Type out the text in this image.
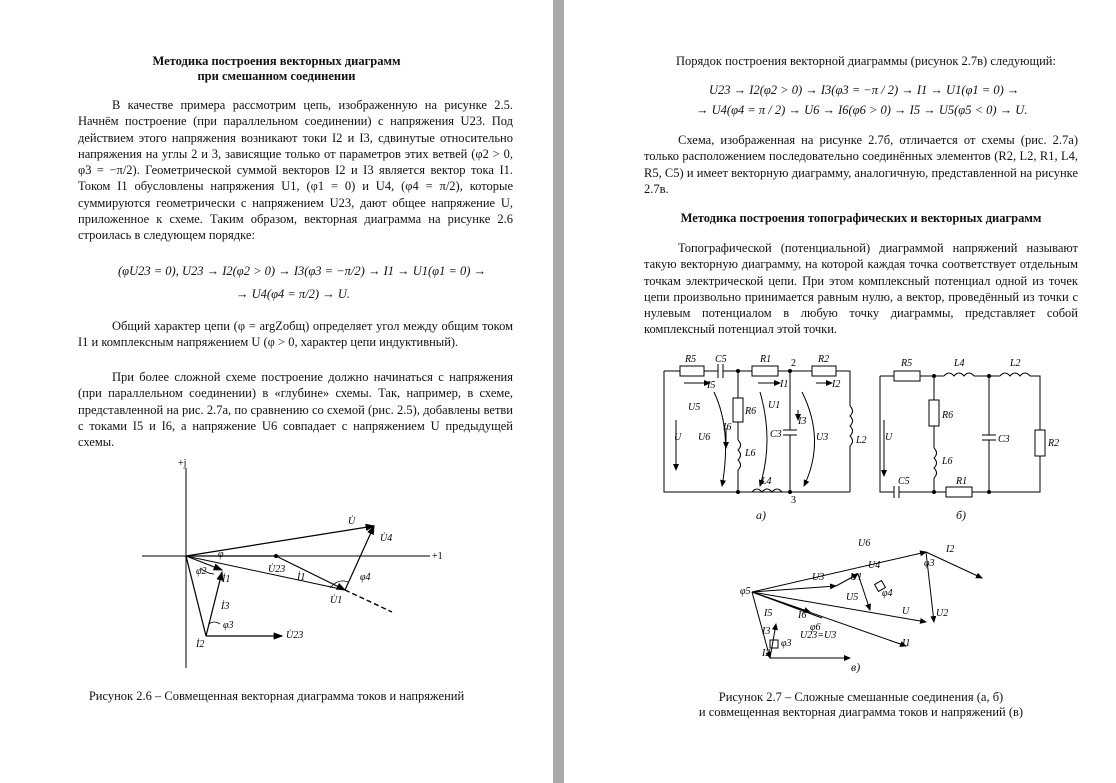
Методика построения векторных диаграмм
при смешанном соединении

В качестве примера рассмотрим цепь, изображенную на рисунке 2.5. Начнём построение (при параллельном соединении) с напряжения U23. Под действием этого напряжения возникают токи I2 и I3, сдвинутые относительно напряжения на углы 2 и 3, зависящие только от параметров этих ветвей (φ2 > 0, φ3 = −π/2). Геометрической суммой векторов I2 и I3 является вектор тока I1. Током I1 обусловлены напряжения U1, (φ1 = 0) и U4, (φ4 = π/2), которые суммируются геометрически с напряжением U23, дают общее напряжение U, приложенное к схеме. Таким образом, векторная диаграмма на рисунке 2.6 строилась в следующем порядке:

(φU23 = 0), U23 → I2(φ2 > 0) → I3(φ3 = −π/2) → I1 → U1(φ1 = 0) →
→ U4(φ4 = π/2) → U.

Общий характер цепи (φ = argZобщ) определяет угол между общим током I1 и комплексным напряжением U (φ > 0, характер цепи индуктивный).

При более сложной схеме построение должно начинаться с напряжения (при параллельном соединении) в «глубине» схемы. Так, например, в схеме, представленной на рис. 2.7а, по сравнению со схемой (рис. 2.5), добавлены ветви с токами I5 и I6, а напряжение U6 совпадает с напряжением U предыдущей схемы.

+j
+1
U̇
U̇4
U̇23
İ1
U̇1
φ4
φ
φ2
İ1
İ3
φ3
İ2
U̇23
Рисунок 2.6 – Совмещенная векторная диаграмма токов и напряжений
Порядок построения векторной диаграммы (рисунок 2.7в) следующий:
U23 → I2(φ2 > 0) → I3(φ3 = −π / 2) → I1 → U1(φ1 = 0) →
→ U4(φ4 = π / 2) → U6 → I6(φ6 > 0) → I5 → U5(φ5 < 0) → U.

Схема, изображенная на рисунке 2.7б, отличается от схемы (рис. 2.7а) только расположением последовательно соединённых элементов (R2, L2, R1, L4, R5, C5) и имеет векторную диаграмму, аналогичную, представленной на рисунке 2.7в.

Методика построения топографических и векторных диаграмм

Топографической (потенциальной) диаграммой напряжений называют такую векторную диаграмму, на которой каждая точка соответствует отдельным точкам электрической цепи. При этом комплексный потенциал одной из точек цепи произвольно принимается равным нулю, а вектор, проведённый из точки с нулевым потенциалом в любую точку диаграммы, представляет собой комплексный потенциал этой точки.

R5 C5	R1	R2
2
3
I5	I1	I2
U5	U1
R6
I6
I3
C3	U3
U U6
L6
L4
L2
R5	L4	L2
R6
U	C3	R2
L6
C5	R1
а)	б)
U6
I2
φ3
U3	U1
U4
φ5
U5 φ4
U
I5	I6
φ6
U2
I1
I3
φ3
U23=U3
I2
в)
Рисунок 2.7 – Сложные смешанные соединения (а, б)
и совмещенная векторная диаграмма токов и напряжений (в)
